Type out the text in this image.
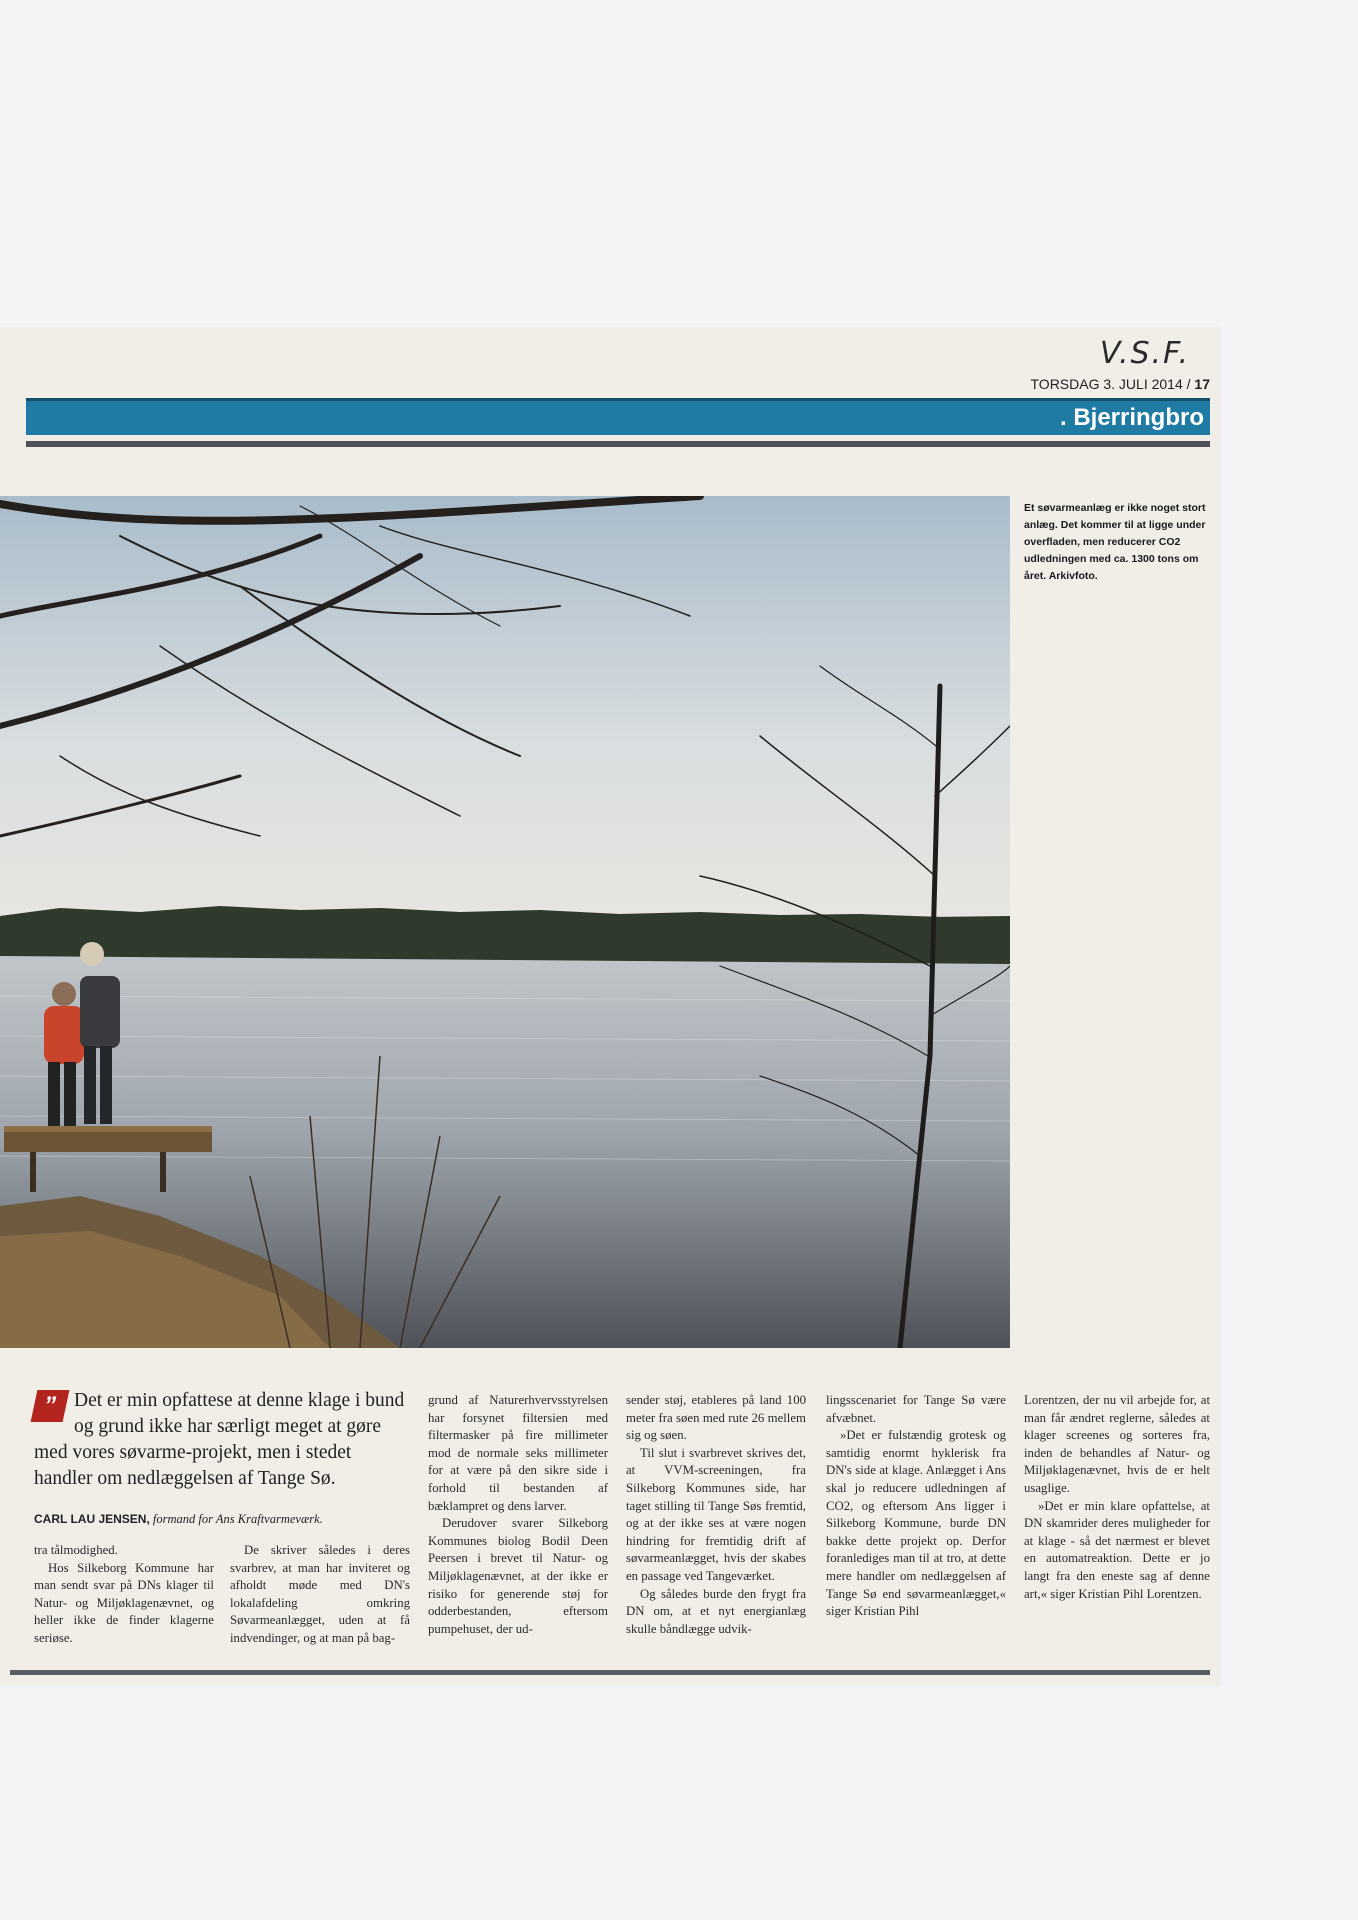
V.S.F.
TORSDAG 3. JULI 2014 / 17
. Bjerringbro
Et søvarmeanlæg er ikke noget stort anlæg. Det kommer til at ligge under overfladen, men reducerer CO2 udledningen med ca. 1300 tons om året. Arkivfoto.
” Det er min opfattese at denne klage i bund og grund ikke har særligt meget at gøre med vores søvarme-projekt, men i stedet handler om nedlæggelsen af Tange Sø.
CARL LAU JENSEN, formand for Ans Kraftvarmeværk.

tra tålmodighed.

Hos Silkeborg Kommune har man sendt svar på DNs klager til Natur- og Miljøklagenævnet, og heller ikke de finder klagerne seriøse.

De skriver således i deres svarbrev, at man har inviteret og afholdt møde med DN's lokalafdeling omkring Søvarmeanlægget, uden at få indvendinger, og at man på bag-

grund af Naturerhvervsstyrelsen har forsynet filtersien med filtermasker på fire millimeter mod de normale seks millimeter for at være på den sikre side i forhold til bestanden af bæklampret og dens larver.

Derudover svarer Silkeborg Kommunes biolog Bodil Deen Peersen i brevet til Natur- og Miljøklagenævnet, at der ikke er risiko for generende støj for odderbestanden, eftersom pumpehuset, der ud-

sender støj, etableres på land 100 meter fra søen med rute 26 mellem sig og søen.

Til slut i svarbrevet skrives det, at VVM-screeningen, fra Silkeborg Kommunes side, har taget stilling til Tange Søs fremtid, og at der ikke ses at være nogen hindring for fremtidig drift af søvarmeanlægget, hvis der skabes en passage ved Tangeværket.

Og således burde den frygt fra DN om, at et nyt energianlæg skulle båndlægge udvik-

lingsscenariet for Tange Sø være afvæbnet.

»Det er fulstændig grotesk og samtidig enormt hyklerisk fra DN's side at klage. Anlægget i Ans skal jo reducere udledningen af CO2, og eftersom Ans ligger i Silkeborg Kommune, burde DN bakke dette projekt op. Derfor foranlediges man til at tro, at dette mere handler om nedlæggelsen af Tange Sø end søvarmeanlægget,« siger Kristian Pihl

Lorentzen, der nu vil arbejde for, at man får ændret reglerne, således at klager screenes og sorteres fra, inden de behandles af Natur- og Miljøklagenævnet, hvis de er helt usaglige.

»Det er min klare opfattelse, at DN skamrider deres muligheder for at klage - så det nærmest er blevet en automatreaktion. Dette er jo langt fra den eneste sag af denne art,« siger Kristian Pihl Lorentzen.
